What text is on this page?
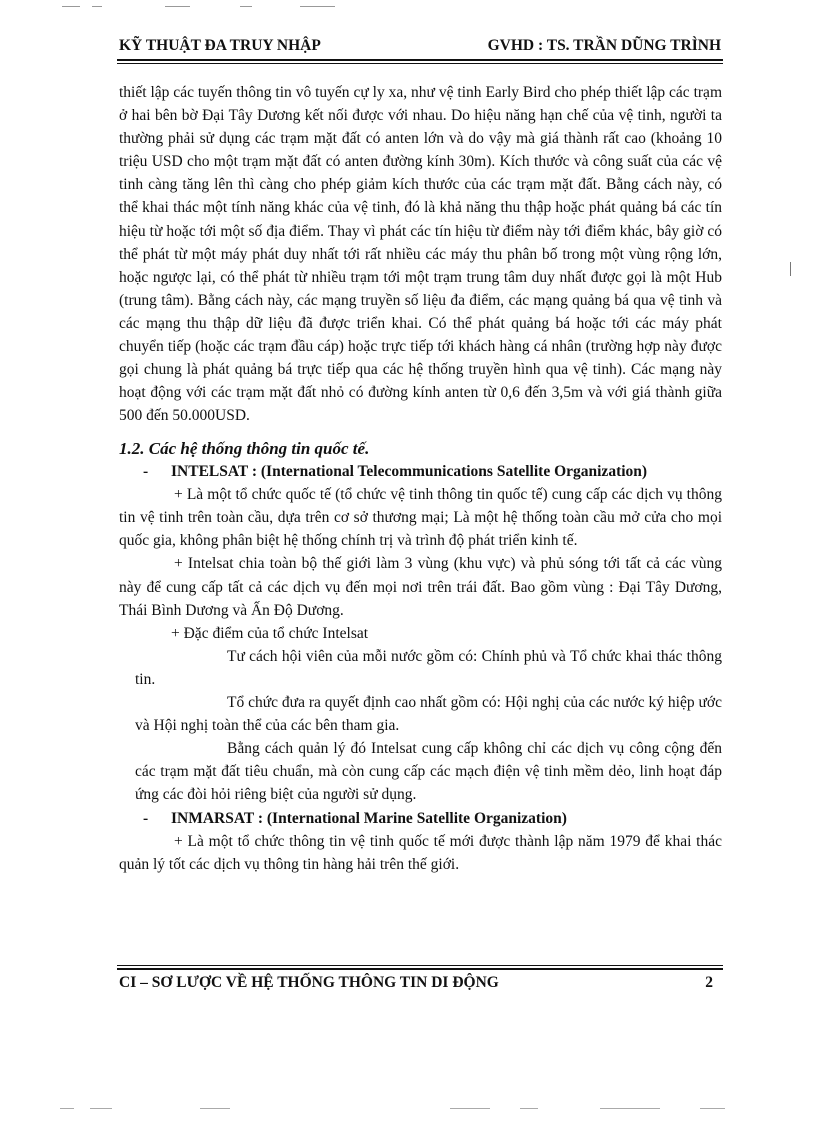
KỸ THUẬT ĐA TRUY NHẬP	GVHD : TS. TRẦN DŨNG TRÌNH

thiết lập các tuyến thông tin vô tuyến cự ly xa, như vệ tinh Early Bird cho phép thiết lập các trạm ở hai bên bờ Đại Tây Dương kết nối được với nhau. Do hiệu năng hạn chế của vệ tinh, người ta thường phải sử dụng các trạm mặt đất có anten lớn và do vậy mà giá thành rất cao (khoảng 10 triệu USD cho một trạm mặt đất có anten đường kính 30m). Kích thước và công suất của các vệ tinh càng tăng lên thì càng cho phép giảm kích thước của các trạm mặt đất. Bằng cách này, có thể khai thác một tính năng khác của vệ tinh, đó là khả năng thu thập hoặc phát quảng bá các tín hiệu từ hoặc tới một số địa điểm. Thay vì phát các tín hiệu từ điểm này tới điểm khác, bây giờ có thể phát từ một máy phát duy nhất tới rất nhiều các máy thu phân bố trong một vùng rộng lớn, hoặc ngược lại, có thể phát từ nhiều trạm tới một trạm trung tâm duy nhất được gọi là một Hub (trung tâm). Bằng cách này, các mạng truyền số liệu đa điểm, các mạng quảng bá qua vệ tinh và các mạng thu thập dữ liệu đã được triển khai. Có thể phát quảng bá hoặc tới các máy phát chuyển tiếp (hoặc các trạm đầu cáp) hoặc trực tiếp tới khách hàng cá nhân (trường hợp này được gọi chung là phát quảng bá trực tiếp qua các hệ thống truyền hình qua vệ tinh). Các mạng này hoạt động với các trạm mặt đất nhỏ có đường kính anten từ 0,6 đến 3,5m và với giá thành giữa 500 đến 50.000USD.

1.2. Các hệ thống thông tin quốc tế.

- INTELSAT : (International Telecommunications Satellite Organization)

+ Là một tổ chức quốc tế (tổ chức vệ tinh thông tin quốc tế) cung cấp các dịch vụ thông tin vệ tinh trên toàn cầu, dựa trên cơ sở thương mại; Là một hệ thống toàn cầu mở cửa cho mọi quốc gia, không phân biệt hệ thống chính trị và trình độ phát triển kinh tế.

+ Intelsat chia toàn bộ thế giới làm 3 vùng (khu vực) và phủ sóng tới tất cả các vùng này để cung cấp tất cả các dịch vụ đến mọi nơi trên trái đất. Bao gồm vùng : Đại Tây Dương, Thái Bình Dương và Ấn Độ Dương.

+ Đặc điểm của tổ chức Intelsat

Tư cách hội viên của mỗi nước gồm có: Chính phủ và Tổ chức khai thác thông tin.

Tổ chức đưa ra quyết định cao nhất gồm có: Hội nghị của các nước ký hiệp ước và Hội nghị toàn thể của các bên tham gia.

Bằng cách quản lý đó Intelsat cung cấp không chỉ các dịch vụ công cộng đến các trạm mặt đất tiêu chuẩn, mà còn cung cấp các mạch điện vệ tinh mềm dẻo, linh hoạt đáp ứng các đòi hỏi riêng biệt của người sử dụng.

- INMARSAT : (International Marine Satellite Organization)

+ Là một tổ chức thông tin vệ tinh quốc tế mới được thành lập năm 1979 để khai thác quản lý tốt các dịch vụ thông tin hàng hải trên thế giới.

CI – SƠ LƯỢC VỀ HỆ THỐNG THÔNG TIN DI ĐỘNG	2
